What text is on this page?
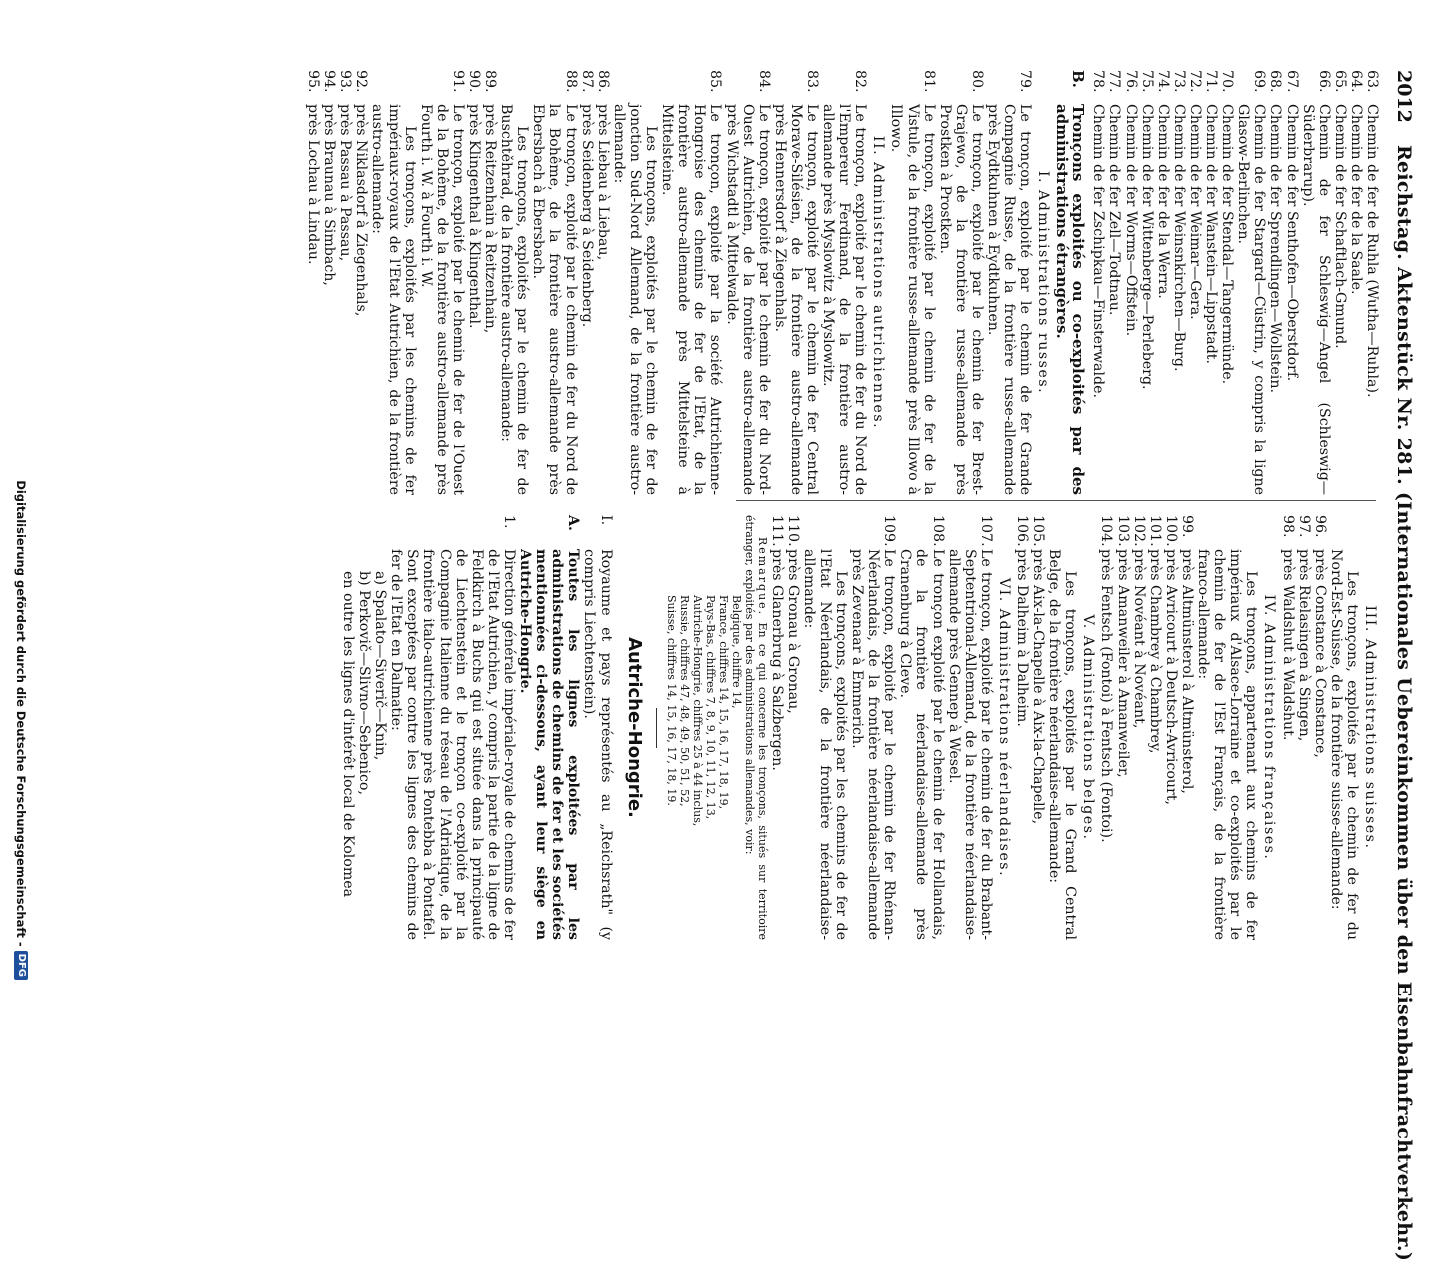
2012 Reichstag. Aktenstück Nr. 281. (Internationales Uebereinkommen über den Eisenbahnfrachtverkehr.)
63.
Chemin de fer de Ruhla (Wutha—Ruhla).
64.
Chemin de fer de la Saale.
65.
Chemin de fer Schaftlach-Gmund.
66.
Chemin de fer Schleswig—Angel (Schleswig—Süderbrarup).
67.
Chemin de fer Senthofen—Oberstdorf.
68.
Chemin de fer Sprendlingen—Wollstein.
69.
Chemin de fer Stargard—Cüstrin, y compris la ligne Glasow-Berlinchen.
70.
Chemin de fer Stendal—Tangermünde.
71.
Chemin de fer Wanstein—Lippstadt.
72.
Chemin de fer Weimar—Gera.
73.
Chemin de fer Weinsnkirchen—Burg.
74.
Chemin de fer de la Werra.
75.
Chemin de fer Wittenberge—Perleberg.
76.
Chemin de fer Worms—Offstein.
77.
Chemin de fer Zell—Todtnau.
78.
Chemin de fer Zschipkau—Finsterwalde.
B.
Tronçons exploités ou co-exploités par des administrations étrangères.
I. Administrations russes.
79.
Le tronçon, exploité par le chemin de fer Grande Compagnie Russe, de la frontière russe-allemande près Eydtkuhnen à Eydtkuhnen.
80.
Le tronçon, exploité par le chemin de fer Brest-Grajewo, de la frontière russe-allemande près Prostken à Prostken.
81.
Le tronçon, exploité par le chemin de fer de la Vistule, de la frontière russe-allemande près Illowo à Illowo.
II. Administrations autrichiennes.
82.
Le tronçon, exploité par le chemin de fer du Nord de l'Empereur Ferdinand, de la frontière austro-allemande près Myslowitz à Myslowitz.
83.
Le tronçon, exploité par le chemin de fer Central Morave-Silésien, de la frontière austro-allemande près Hennersdorf à Ziegenhals.
84.
Le tronçon, exploité par le chemin de fer du Nord-Ouest Autrichien, de la frontière austro-allemande près Wichstadtl à Mittelwalde.
85.
Le tronçon, exploité par la société Autrichienne-Hongroise des chemins de fer de l'Etat, de la frontière austro-allemande près Mittelsteine à Mittelsteine.
Les tronçons, exploités par le chemin de fer de jonction Sud-Nord Allemand, de la frontière austro-allemande:
86.
près Liebau à Liebau,
87.
près Seidenberg à Seidenberg.
88.
Le tronçon, exploité par le chemin de fer du Nord de la Bohême, de la frontière austro-allemande près Ebersbach à Ebersbach.
Les tronçons, exploités par le chemin de fer de Buschtěhrad, de la frontière austro-allemande:
89.
près Reitzenhain à Reitzenhain,
90.
près Klingenthal à Klingenthal.
91.
Le tronçon, exploité par le chemin de fer de l'Ouest de la Bohême, de la frontière austro-allemande près Fourth i. W. à Fourth i. W.
Les tronçons, exploités par les chemins de fer impériaux-royaux de l'Etat Autrichien, de la frontière austro-allemande:
92.
près Niklasdorf à Ziegenhals,
93.
près Passau à Passau,
94.
près Braunau à Simbach,
95.
près Lochau à Lindau.
III. Administrations suisses.
Les tronçons, exploités par le chemin de fer du Nord-Est-Suisse, de la frontière suisse-allemande:
96.
près Constance à Constance,
97.
près Rielasingen à Singen,
98.
près Waldshut à Waldshut.
IV. Administrations françaises.
Les tronçons, appartenant aux chemins de fer impériaux d'Alsace-Lorraine et co-exploités par le chemin de fer de l'Est Français, de la frontière franco-allemande:
99.
près Altmünsterol à Altmünsterol,
100.
près Avricourt à Deutsch-Avricourt,
101.
près Chambrey à Chambrey,
102.
près Novéant à Novéant,
103.
près Amanweiler à Amanweiler,
104.
près Fentsch (Fontoi) à Fentsch (Fontoi).
V. Administrations belges.
Les tronçons, exploités par le Grand Central Belge, de la frontière néerlandaise-allemande:
105.
près Aix-la-Chapelle à Aix-la-Chapelle,
106.
près Dalheim à Dalheim.
VI. Administrations néerlandaises.
107.
Le tronçon, exploité par le chemin de fer du Brabant-Septentrional-Allemand, de la frontière néerlandaise-allemande près Gennep à Wesel.
108.
Le tronçon exploité par le chemin de fer Hollandais, de la frontière néerlandaise-allemande près Cranenburg à Cleve.
109.
Le tronçon, exploité par le chemin de fer Rhénan-Néerlandais, de la frontière néerlandaise-allemande près Zevenaar à Emmerich.
Les tronçons, exploités par les chemins de fer de l'Etat Néerlandais, de la frontière néerlandaise-allemande:
110.
près Gronau à Gronau,
111.
près Glanerbrug à Salzbergen.
Remarque. En ce qui concerne les tronçons, situés sur territoire étranger, exploités par des administrations allemandes, voir:
Belgique, chiffre 14,
France, chiffres 14, 15, 16, 17, 18, 19,
Pays-Bas, chiffres 7, 8, 9, 10, 11, 12, 13,
Autriche-Hongrie, chiffres 25 à 44 inclus,
Russie, chiffres 47, 48, 49, 50, 51, 52,
Suisse, chiffres 14, 15, 16, 17, 18, 19.
Autriche-Hongrie.
I.
Royaume et pays représentés au „Reichsrath" (y compris Liechtenstein).
A.
Toutes les lignes exploitées par les administrations de chemins de fer et les sociétés mentionnées ci-dessous, ayant leur siège en Autriche-Hongrie.
1.
Direction générale impériale-royale de chemins de fer de l'Etat Autrichien, y compris la partie de la ligne de Feldkirch à Buchs qui est située dans la principauté de Liechtenstein et le tronçon co-exploité par la Compagnie Italienne du réseau de l'Adriatique, de la frontière italo-autrichienne près Pontebba à Pontafel. Sont exceptées par contre les lignes des chemins de fer de l'Etat en Dalmatie:
a) Spalato—Siverič—Knin,
b) Perkovič—Slivno—Sebenico,
en outre les lignes d'intérêt local de Kolomea
Digitalisierung gefördert durch die Deutsche Forschungsgemeinschaft -
DFG
